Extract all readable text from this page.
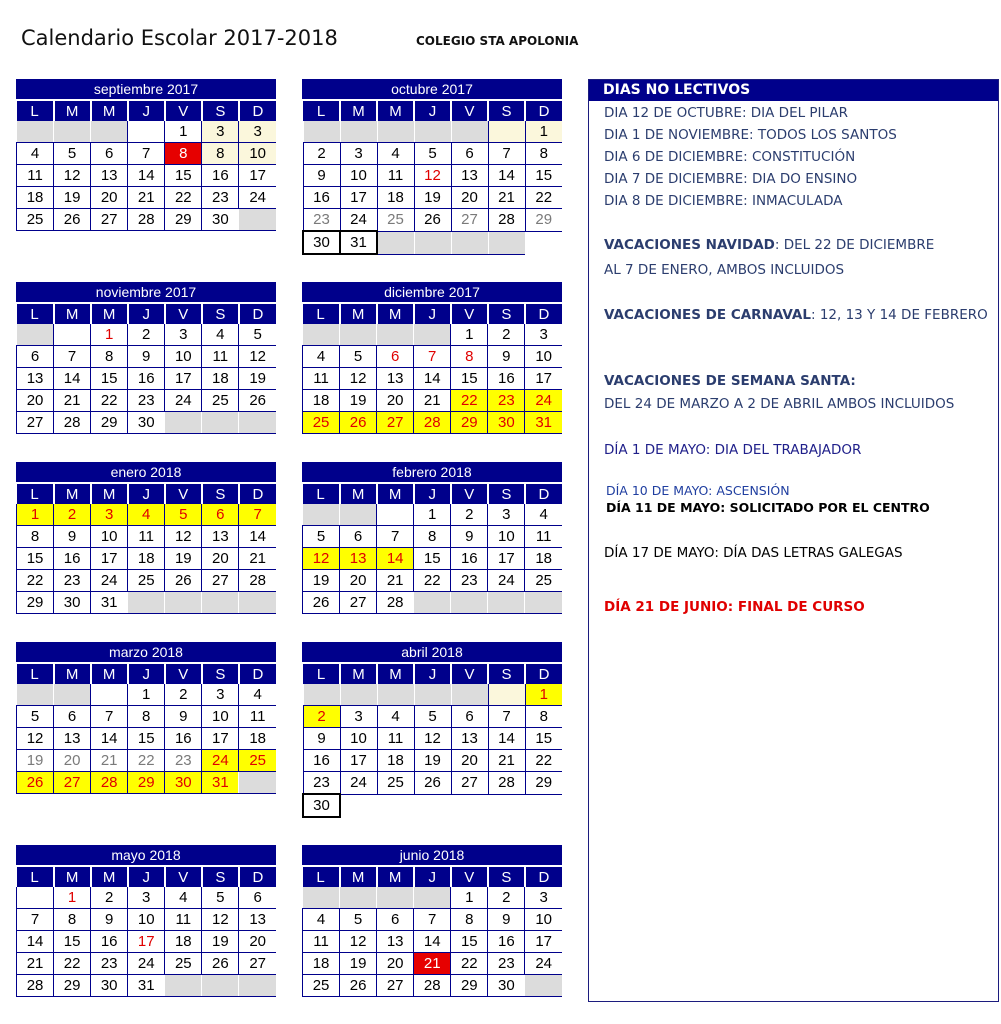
Calendario Escolar 2017-2018	COLEGIO STA APOLONIA
septiembre 2017
L	M	M	J	V	S	D
				1	3	3
4	5	6	7	8	8	10
11	12	13	14	15	16	17
18	19	20	21	22	23	24
25	26	27	28	29	30	
octubre 2017
L	M	M	J	V	S	D
						1
2	3	4	5	6	7	8
9	10	11	12	13	14	15
16	17	18	19	20	21	22
23	24	25	26	27	28	29
30	31					
noviembre 2017
L	M	M	J	V	S	D
		1	2	3	4	5
6	7	8	9	10	11	12
13	14	15	16	17	18	19
20	21	22	23	24	25	26
27	28	29	30			
diciembre 2017
L	M	M	J	V	S	D
				1	2	3
4	5	6	7	8	9	10
11	12	13	14	15	16	17
18	19	20	21	22	23	24
25	26	27	28	29	30	31
enero 2018
L	M	M	J	V	S	D
1	2	3	4	5	6	7
8	9	10	11	12	13	14
15	16	17	18	19	20	21
22	23	24	25	26	27	28
29	30	31				
febrero 2018
L	M	M	J	V	S	D
			1	2	3	4
5	6	7	8	9	10	11
12	13	14	15	16	17	18
19	20	21	22	23	24	25
26	27	28				
marzo 2018
L	M	M	J	V	S	D
			1	2	3	4
5	6	7	8	9	10	11
12	13	14	15	16	17	18
19	20	21	22	23	24	25
26	27	28	29	30	31	
abril 2018
L	M	M	J	V	S	D
						1
2	3	4	5	6	7	8
9	10	11	12	13	14	15
16	17	18	19	20	21	22
23	24	25	26	27	28	29
30						
mayo 2018
L	M	M	J	V	S	D
	1	2	3	4	5	6
7	8	9	10	11	12	13
14	15	16	17	18	19	20
21	22	23	24	25	26	27
28	29	30	31			
junio 2018
L	M	M	J	V	S	D
				1	2	3
4	5	6	7	8	9	10
11	12	13	14	15	16	17
18	19	20	21	22	23	24
25	26	27	28	29	30	
DIAS NO LECTIVOS
DIA 12 DE OCTUBRE: DIA DEL PILAR
DIA 1 DE NOVIEMBRE: TODOS LOS SANTOS
DIA 6 DE DICIEMBRE: CONSTITUCIÓN
DIA 7 DE DICIEMBRE: DIA DO ENSINO
DIA 8 DE DICIEMBRE: INMACULADA
VACACIONES NAVIDAD: DEL 22 DE DICIEMBRE
AL 7 DE ENERO, AMBOS INCLUIDOS
VACACIONES DE CARNAVAL: 12, 13 Y 14 DE FEBRERO
VACACIONES DE SEMANA SANTA:
DEL 24 DE MARZO A 2 DE ABRIL AMBOS INCLUIDOS
DÍA 1 DE MAYO: DIA DEL TRABAJADOR
DÍA 10 DE MAYO: ASCENSIÓN
DÍA 11 DE MAYO: SOLICITADO POR EL CENTRO
DÍA 17 DE MAYO: DÍA DAS LETRAS GALEGAS
DÍA 21 DE JUNIO: FINAL DE CURSO
